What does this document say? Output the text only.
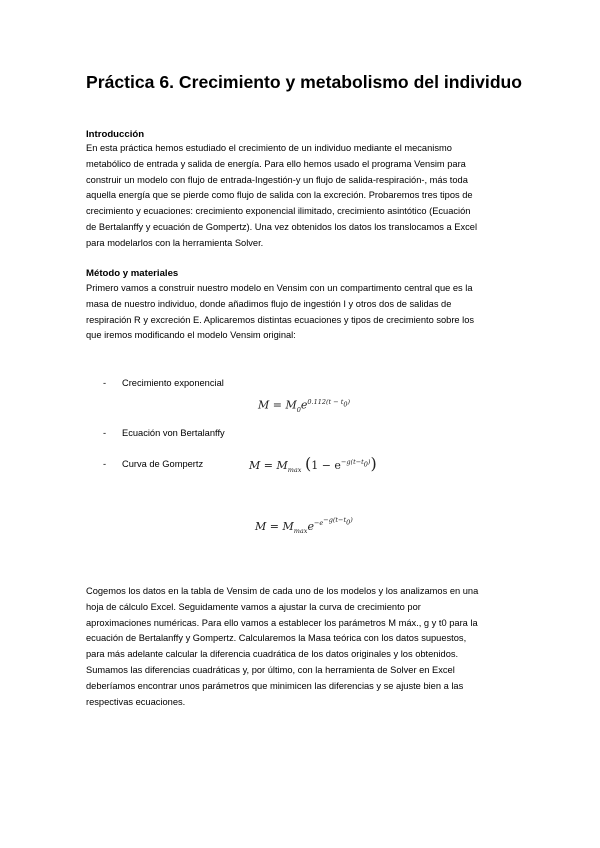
Práctica 6. Crecimiento y metabolismo del individuo
Introducción
En esta práctica hemos estudiado el crecimiento de un individuo mediante el mecanismo
metabólico de entrada y salida de energía. Para ello hemos usado el programa Vensim para
construir un modelo con flujo de entrada-Ingestión-y un flujo de salida-respiración-, más toda
aquella energía que se pierde como flujo de salida con la excreción. Probaremos tres tipos de
crecimiento y ecuaciones: crecimiento exponencial ilimitado, crecimiento asintótico (Ecuación
de Bertalanffy y ecuación de Gompertz). Una vez obtenidos los datos los translocamos a Excel
para modelarlos con la herramienta Solver.
Método y materiales
Primero vamos a construir nuestro modelo en Vensim con un compartimento central que es la
masa de nuestro individuo, donde añadimos flujo de ingestión I y otros dos de salidas de
respiración R y excreción E. Aplicaremos distintas ecuaciones y tipos de crecimiento sobre los
que iremos modificando el modelo Vensim original:
- Crecimiento exponencial
$M = M_0e^{0.112(t - t_0)}$
- Ecuación von Bertalanffy
$M = M_{max}$ $(1 - e^{-g(t-t_0)})$
- Curva de Gompertz
$M = M_{max}e^{-e^{-g(t-t_0)}}$
Cogemos los datos en la tabla de Vensim de cada uno de los modelos y los analizamos en una
hoja de cálculo Excel. Seguidamente vamos a ajustar la curva de crecimiento por
aproximaciones numéricas. Para ello vamos a establecer los parámetros M máx., g y t0 para la
ecuación de Bertalanffy y Gompertz. Calcularemos la Masa teórica con los datos supuestos,
para más adelante calcular la diferencia cuadrática de los datos originales y los obtenidos.
Sumamos las diferencias cuadráticas y, por último, con la herramienta de Solver en Excel
deberíamos encontrar unos parámetros que minimicen las diferencias y se ajuste bien a las
respectivas ecuaciones.
